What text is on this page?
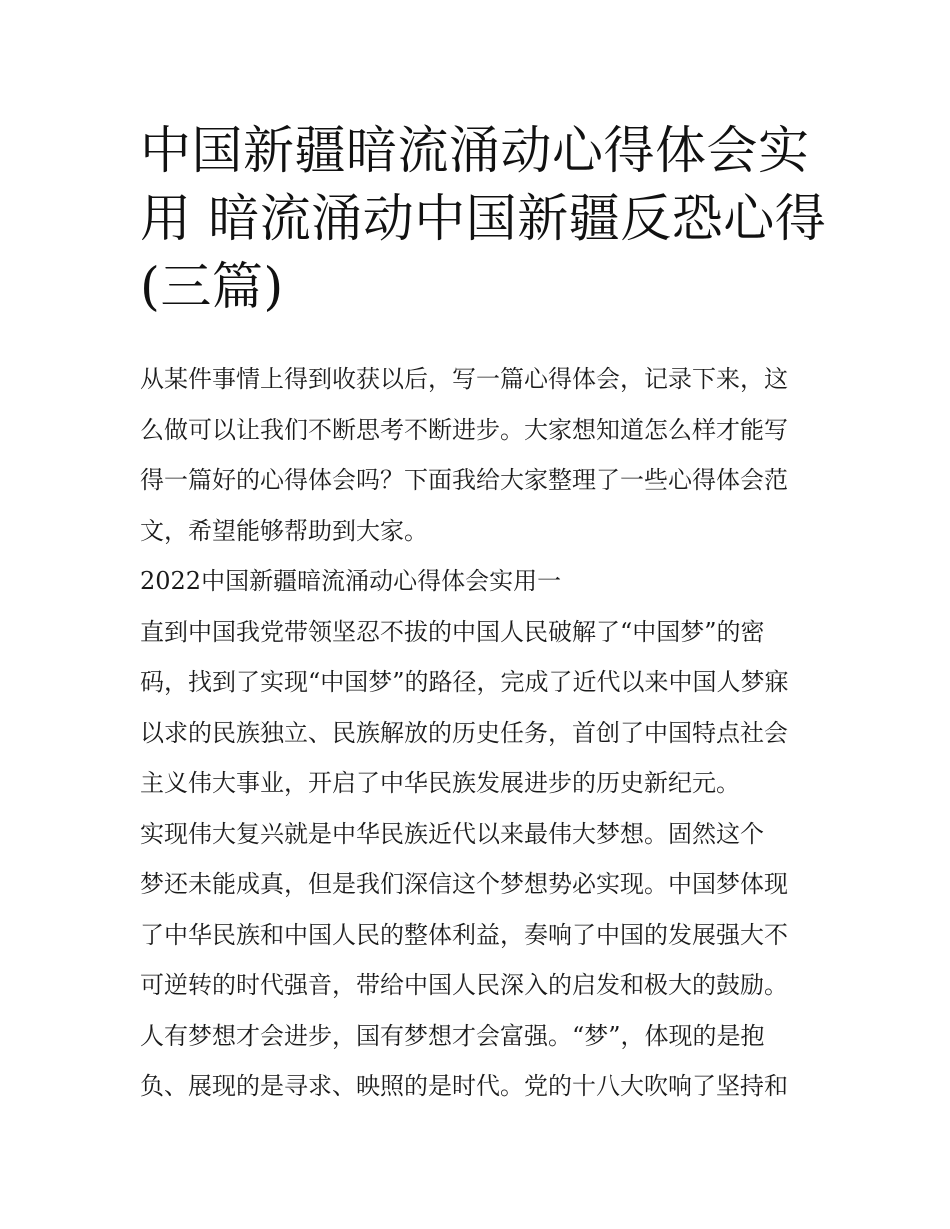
中国新疆暗流涌动心得体会实
用 暗流涌动中国新疆反恐心得
(三篇)
从某件事情上得到收获以后，写一篇心得体会，记录下来，这
么做可以让我们不断思考不断进步。大家想知道怎么样才能写
得一篇好的心得体会吗？下面我给大家整理了一些心得体会范
文，希望能够帮助到大家。
2022中国新疆暗流涌动心得体会实用一
直到中国我党带领坚忍不拔的中国人民破解了“中国梦”的密
码，找到了实现“中国梦”的路径，完成了近代以来中国人梦寐
以求的民族独立、民族解放的历史任务，首创了中国特点社会
主义伟大事业，开启了中华民族发展进步的历史新纪元。
实现伟大复兴就是中华民族近代以来最伟大梦想。固然这个
梦还未能成真，但是我们深信这个梦想势必实现。中国梦体现
了中华民族和中国人民的整体利益，奏响了中国的发展强大不
可逆转的时代强音，带给中国人民深入的启发和极大的鼓励。
人有梦想才会进步，国有梦想才会富强。“梦”，体现的是抱
负、展现的是寻求、映照的是时代。党的十八大吹响了坚持和
